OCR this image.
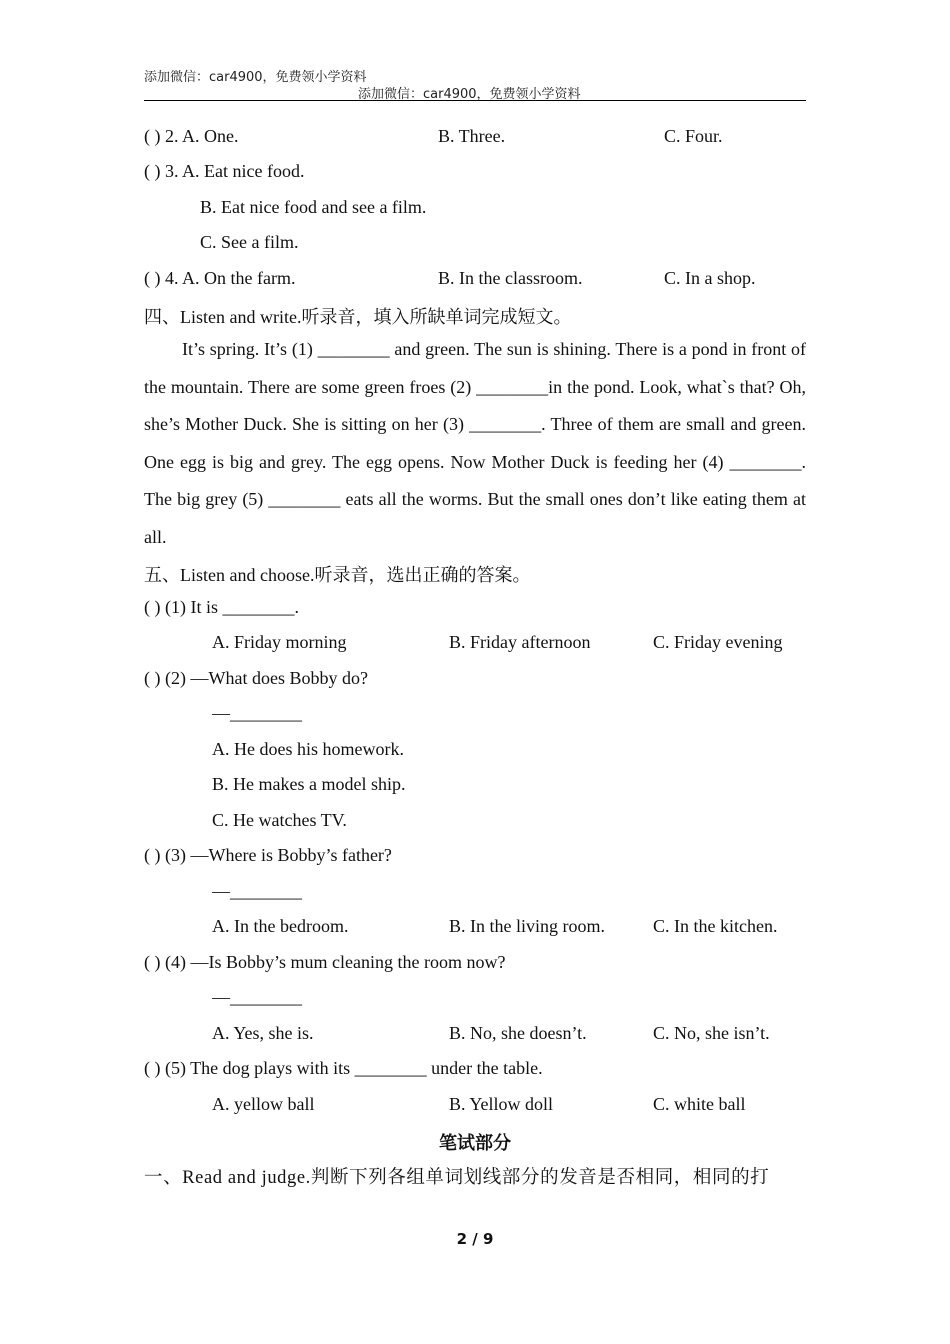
添加微信：car4900，免费领小学资料
添加微信：car4900，免费领小学资料
( ) 2. A. One.	B. Three.	C. Four.
( ) 3. A. Eat nice food.
B. Eat nice food and see a film.
C. See a film.
( ) 4. A. On the farm.	B. In the classroom.	C. In a shop.
四、Listen and write.听录音，填入所缺单词完成短文。

It’s spring. It’s (1) ________ and green. The sun is shining. There is a pond in front of the mountain. There are some green froes (2) ________in the pond. Look, what`s that? Oh, she’s Mother Duck. She is sitting on her (3) ________. Three of them are small and green. One egg is big and grey. The egg opens. Now Mother Duck is feeding her (4) ________. The big grey (5) ________ eats all the worms. But the small ones don’t like eating them at all.

五、Listen and choose.听录音，选出正确的答案。
( ) (1) It is ________.
A. Friday morning	B. Friday afternoon	C. Friday evening
( ) (2) —What does Bobby do?
—________
A. He does his homework.
B. He makes a model ship.
C. He watches TV.
( ) (3) —Where is Bobby’s father?
—________
A. In the bedroom.	B. In the living room.	C. In the kitchen.
( ) (4) —Is Bobby’s mum cleaning the room now?
—________
A. Yes, she is.	B. No, she doesn’t.	C. No, she isn’t.
( ) (5) The dog plays with its ________ under the table.
A. yellow ball	B. Yellow doll	C. white ball
笔试部分
一、Read and judge.判断下列各组单词划线部分的发音是否相同，相同的打
2 / 9
